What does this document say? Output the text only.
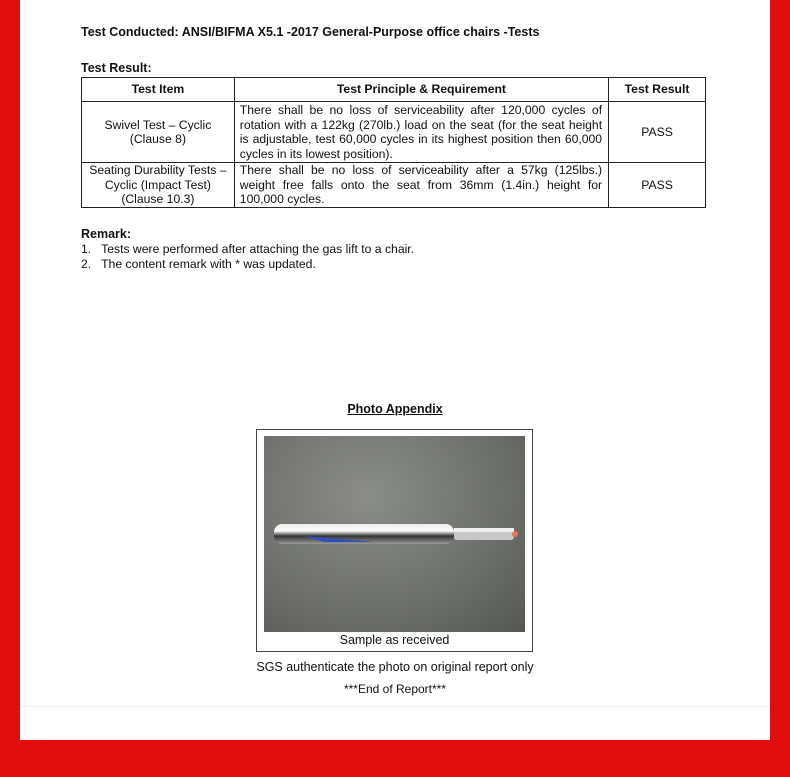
Test Conducted: ANSI/BIFMA X5.1 -2017 General-Purpose office chairs -Tests
Test Result:
Test Item	Test Principle & Requirement	Test Result
Swivel Test – Cyclic (Clause 8)	There shall be no loss of serviceability after 120,000 cycles of rotation with a 122kg (270lb.) load on the seat (for the seat height is adjustable, test 60,000 cycles in its highest position then 60,000 cycles in its lowest position).	PASS
Seating Durability Tests – Cyclic (Impact Test) (Clause 10.3)	There shall be no loss of serviceability after a 57kg (125lbs.) weight free falls onto the seat from 36mm (1.4in.) height for 100,000 cycles.	PASS
Remark:
1.   Tests were performed after attaching the gas lift to a chair.
2.   The content remark with * was updated.
Photo Appendix
Sample as received
SGS authenticate the photo on original report only
***End of Report***
